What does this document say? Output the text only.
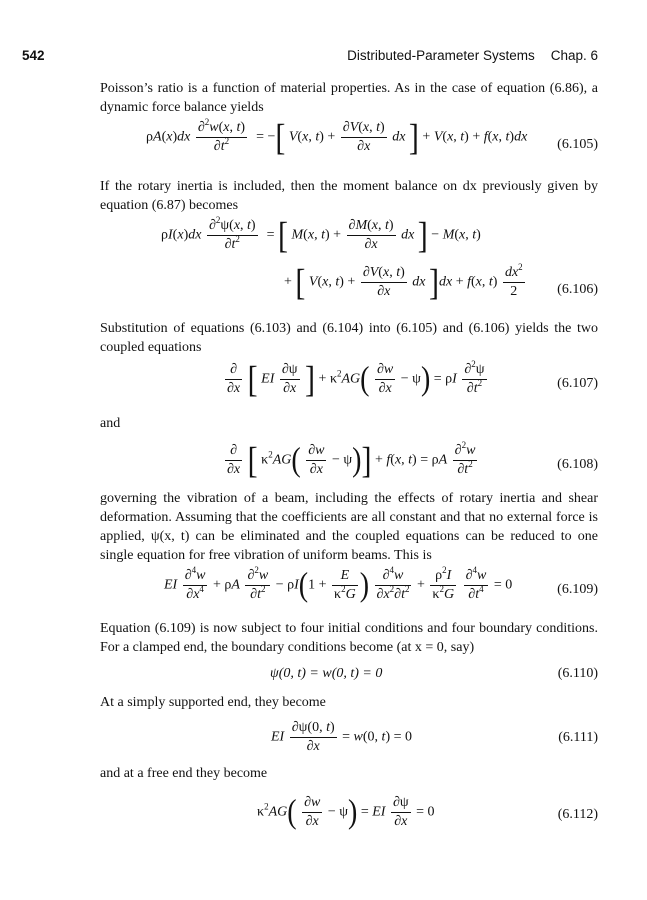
542	Distributed-Parameter Systems Chap. 6

Poisson’s ratio is a function of material properties. As in the case of equation (6.86), a dynamic force balance yields

$\rho A(x)dx \frac{\partial^2w(x, t)}{\partial t^2}$ = −[ V(x, $t) + \frac{\partial V(x, t)}{\partial x}$ dx ] + V(x, t) + f(x, t)dx (6.105)

If the rotary inertia is included, then the moment balance on dx previously given by equation (6.87) becomes

$\rho I(x)dx \frac{\partial^2\psi(x, t)}{\partial t^2}$ = [ M(x, $t) + \frac{\partial M(x, t)}{\partial x}$ dx ] − M(x, t)
+ [ V(x, $t) + \frac{\partial V(x, t)}{\partial x}$ dx ]dx + f(x, $t) \frac{dx^2}{2} (6.106)$

Substitution of equations (6.103) and (6.104) into (6.105) and (6.106) yields the two coupled equations

$\frac{\partial}{\partial x}$ [ EI $\frac{\partial\psi}{\partial x}$ ] + $\kappa^2AG( \frac{\partial w}{\partial x} - \psi) = \rho I \frac{\partial^2\psi}{\partial t^2}$	(6.107)

and

$\frac{\partial}{\partial x}$ [ $\kappa^2AG( \frac{\partial w}{\partial x} - \psi)] + f(x$, t) = ρA $\frac{\partial^2w}{\partial t^2}$	(6.108)

governing the vibration of a beam, including the effects of rotary inertia and shear deformation. Assuming that the coefficients are all constant and that no external force is applied, ψ(x, t) can be eliminated and the coupled equations can be reduced to one single equation for free vibration of uniform beams. This is

EI $\frac{\partial^4w}{\partial x^4} + \rho A \frac{\partial^2w}{\partial t^2} - \rho I(1 + \frac{E}{\kappa^2G}$ ) $\frac{\partial^4w}{\partial x^2\partial t^2} + \frac{\rho^2I}{\kappa^2G}$
$\frac{\partial^4w}{\partial t^4} = 0$	(6.109)

Equation (6.109) is now subject to four initial conditions and four boundary conditions. For a clamped end, the boundary conditions become (at x = 0, say)

ψ(0, t) = w(0, t) = 0	(6.110)

At a simply supported end, they become

EI $\frac{\partial\psi(0, t)}{\partial x} = w(0$, t) = 0	(6.111)

and at a free end they become

$\kappa^2AG( \frac{\partial w}{\partial x} - \psi)$ = EI $\frac{\partial\psi}{\partial x} = 0$	(6.112)
